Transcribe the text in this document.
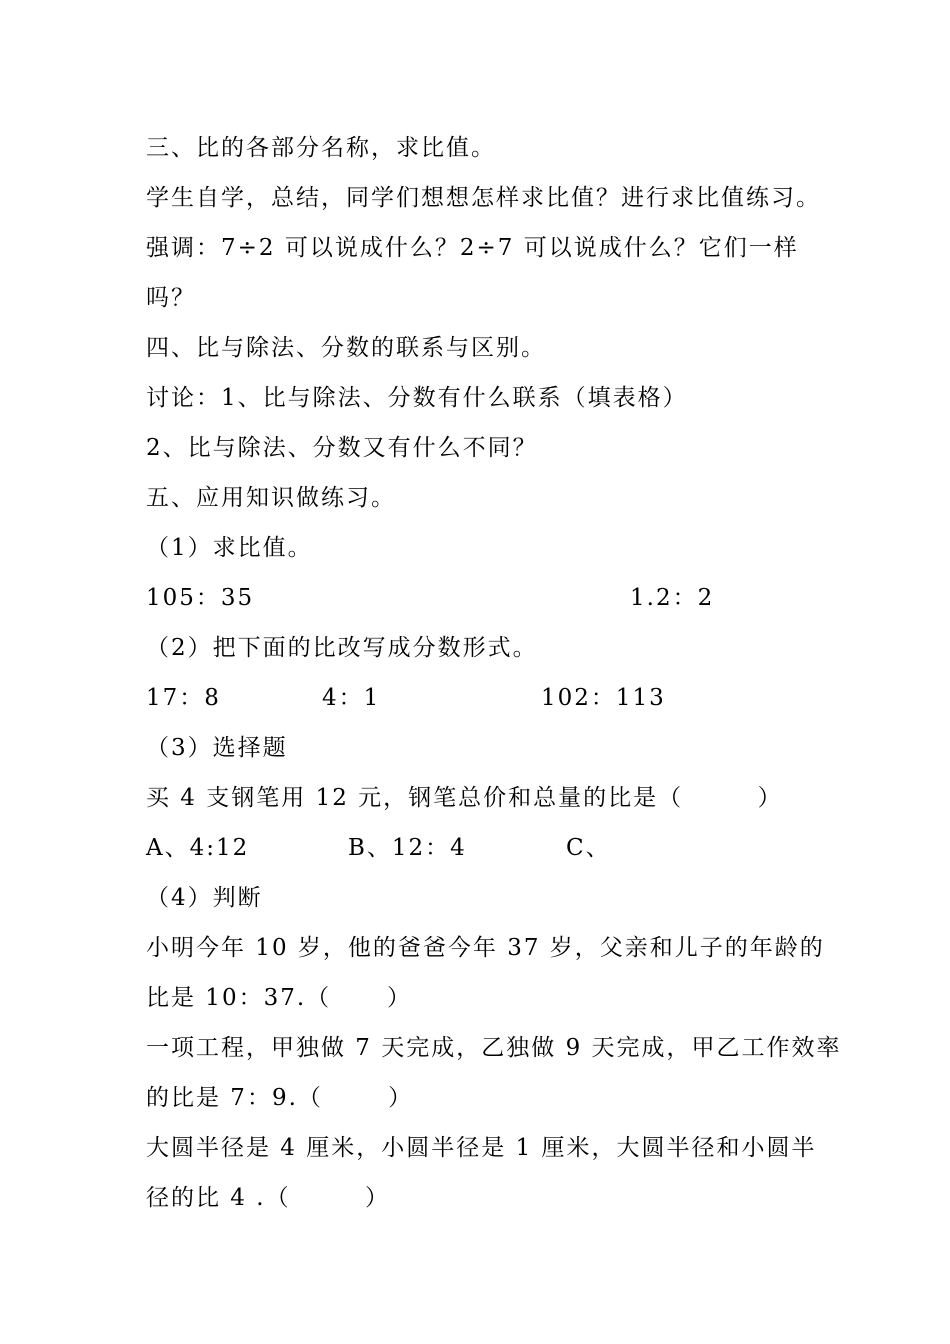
三、比的各部分名称，求比值。
学生自学，总结，同学们想想怎样求比值？进行求比值练习。
强调：7÷2 可以说成什么？2÷7 可以说成什么？它们一样
吗？
四、比与除法、分数的联系与区别。
讨论：1、比与除法、分数有什么联系（填表格）
2、比与除法、分数又有什么不同？
五、应用知识做练习。
（1）求比值。
105：35	1.2：2
（2）把下面的比改写成分数形式。
17：8	4：1	102：113
（3）选择题
买 4 支钢笔用 12 元，钢笔总价和总量的比是（        ）
A、4:12	B、12：4	C、
（4）判断
小明今年 10 岁，他的爸爸今年 37 岁，父亲和儿子的年龄的
比是 10：37.（      ）
一项工程，甲独做 7 天完成，乙独做 9 天完成，甲乙工作效率
的比是 7：9.（       ）
大圆半径是 4 厘米，小圆半径是 1 厘米，大圆半径和小圆半
径的比 4 .（        ）
